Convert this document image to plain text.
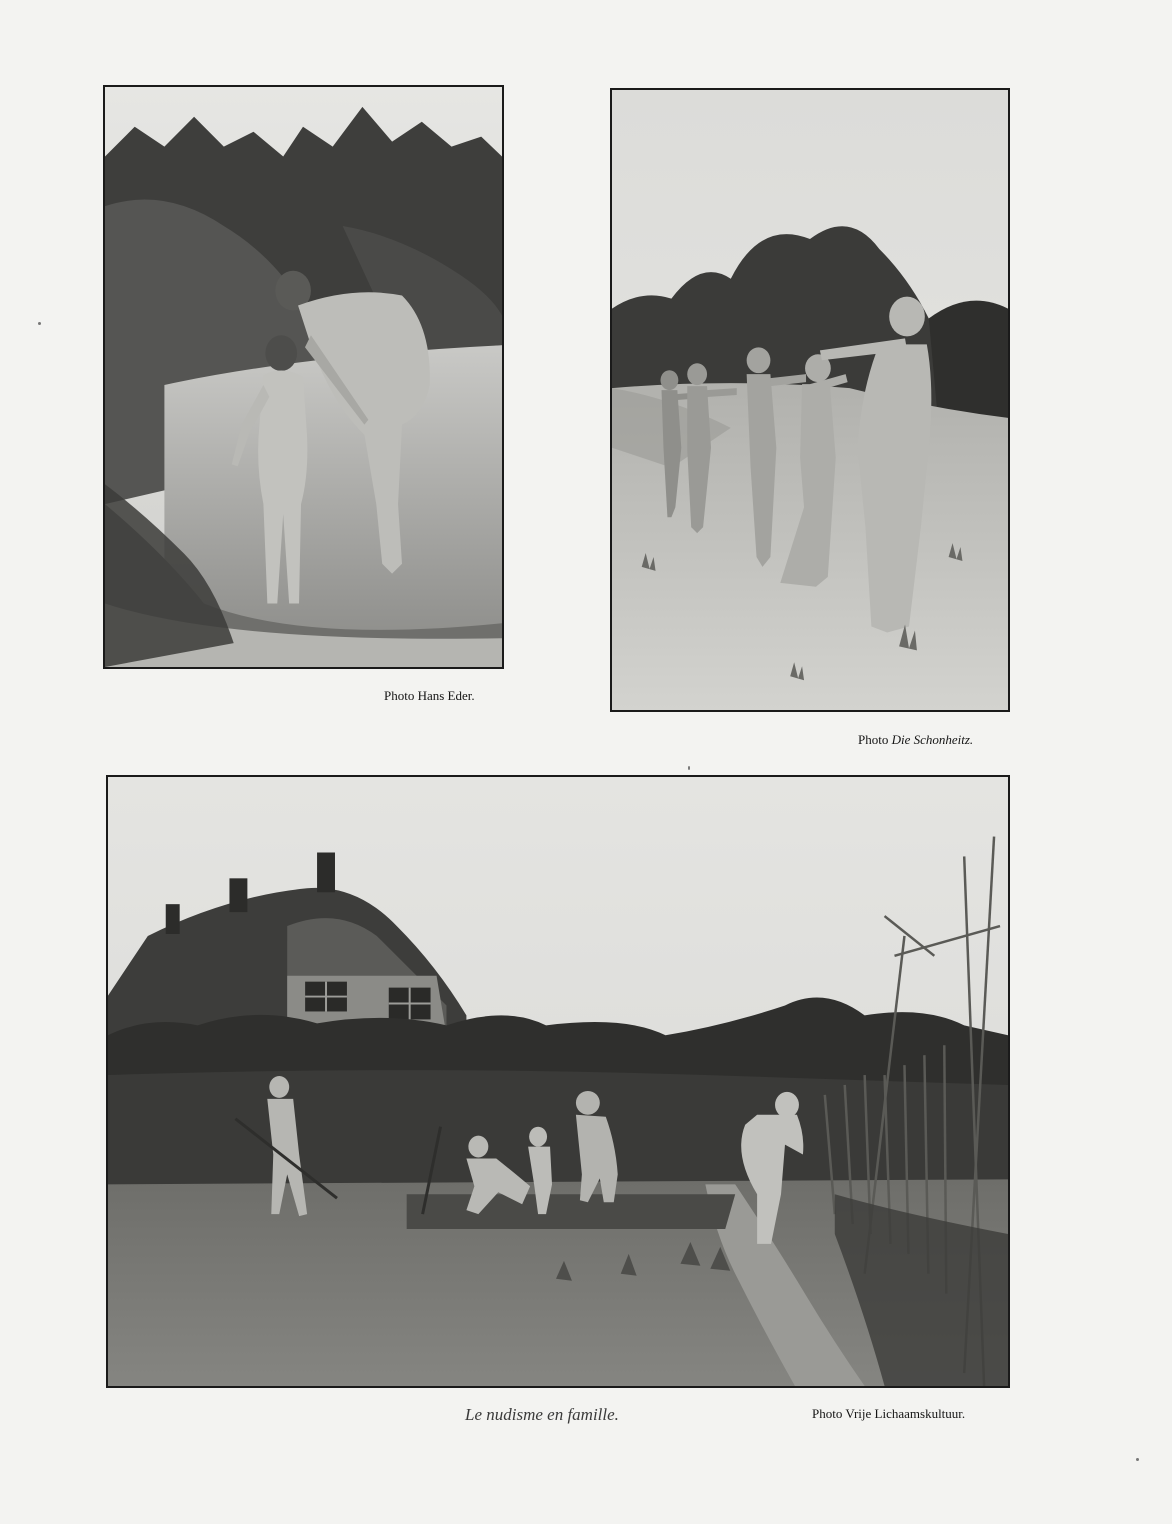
Photo Hans Eder.
Photo Die Schonheitz.
Le nudisme en famille.	Photo Vrije Lichaamskultuur.
